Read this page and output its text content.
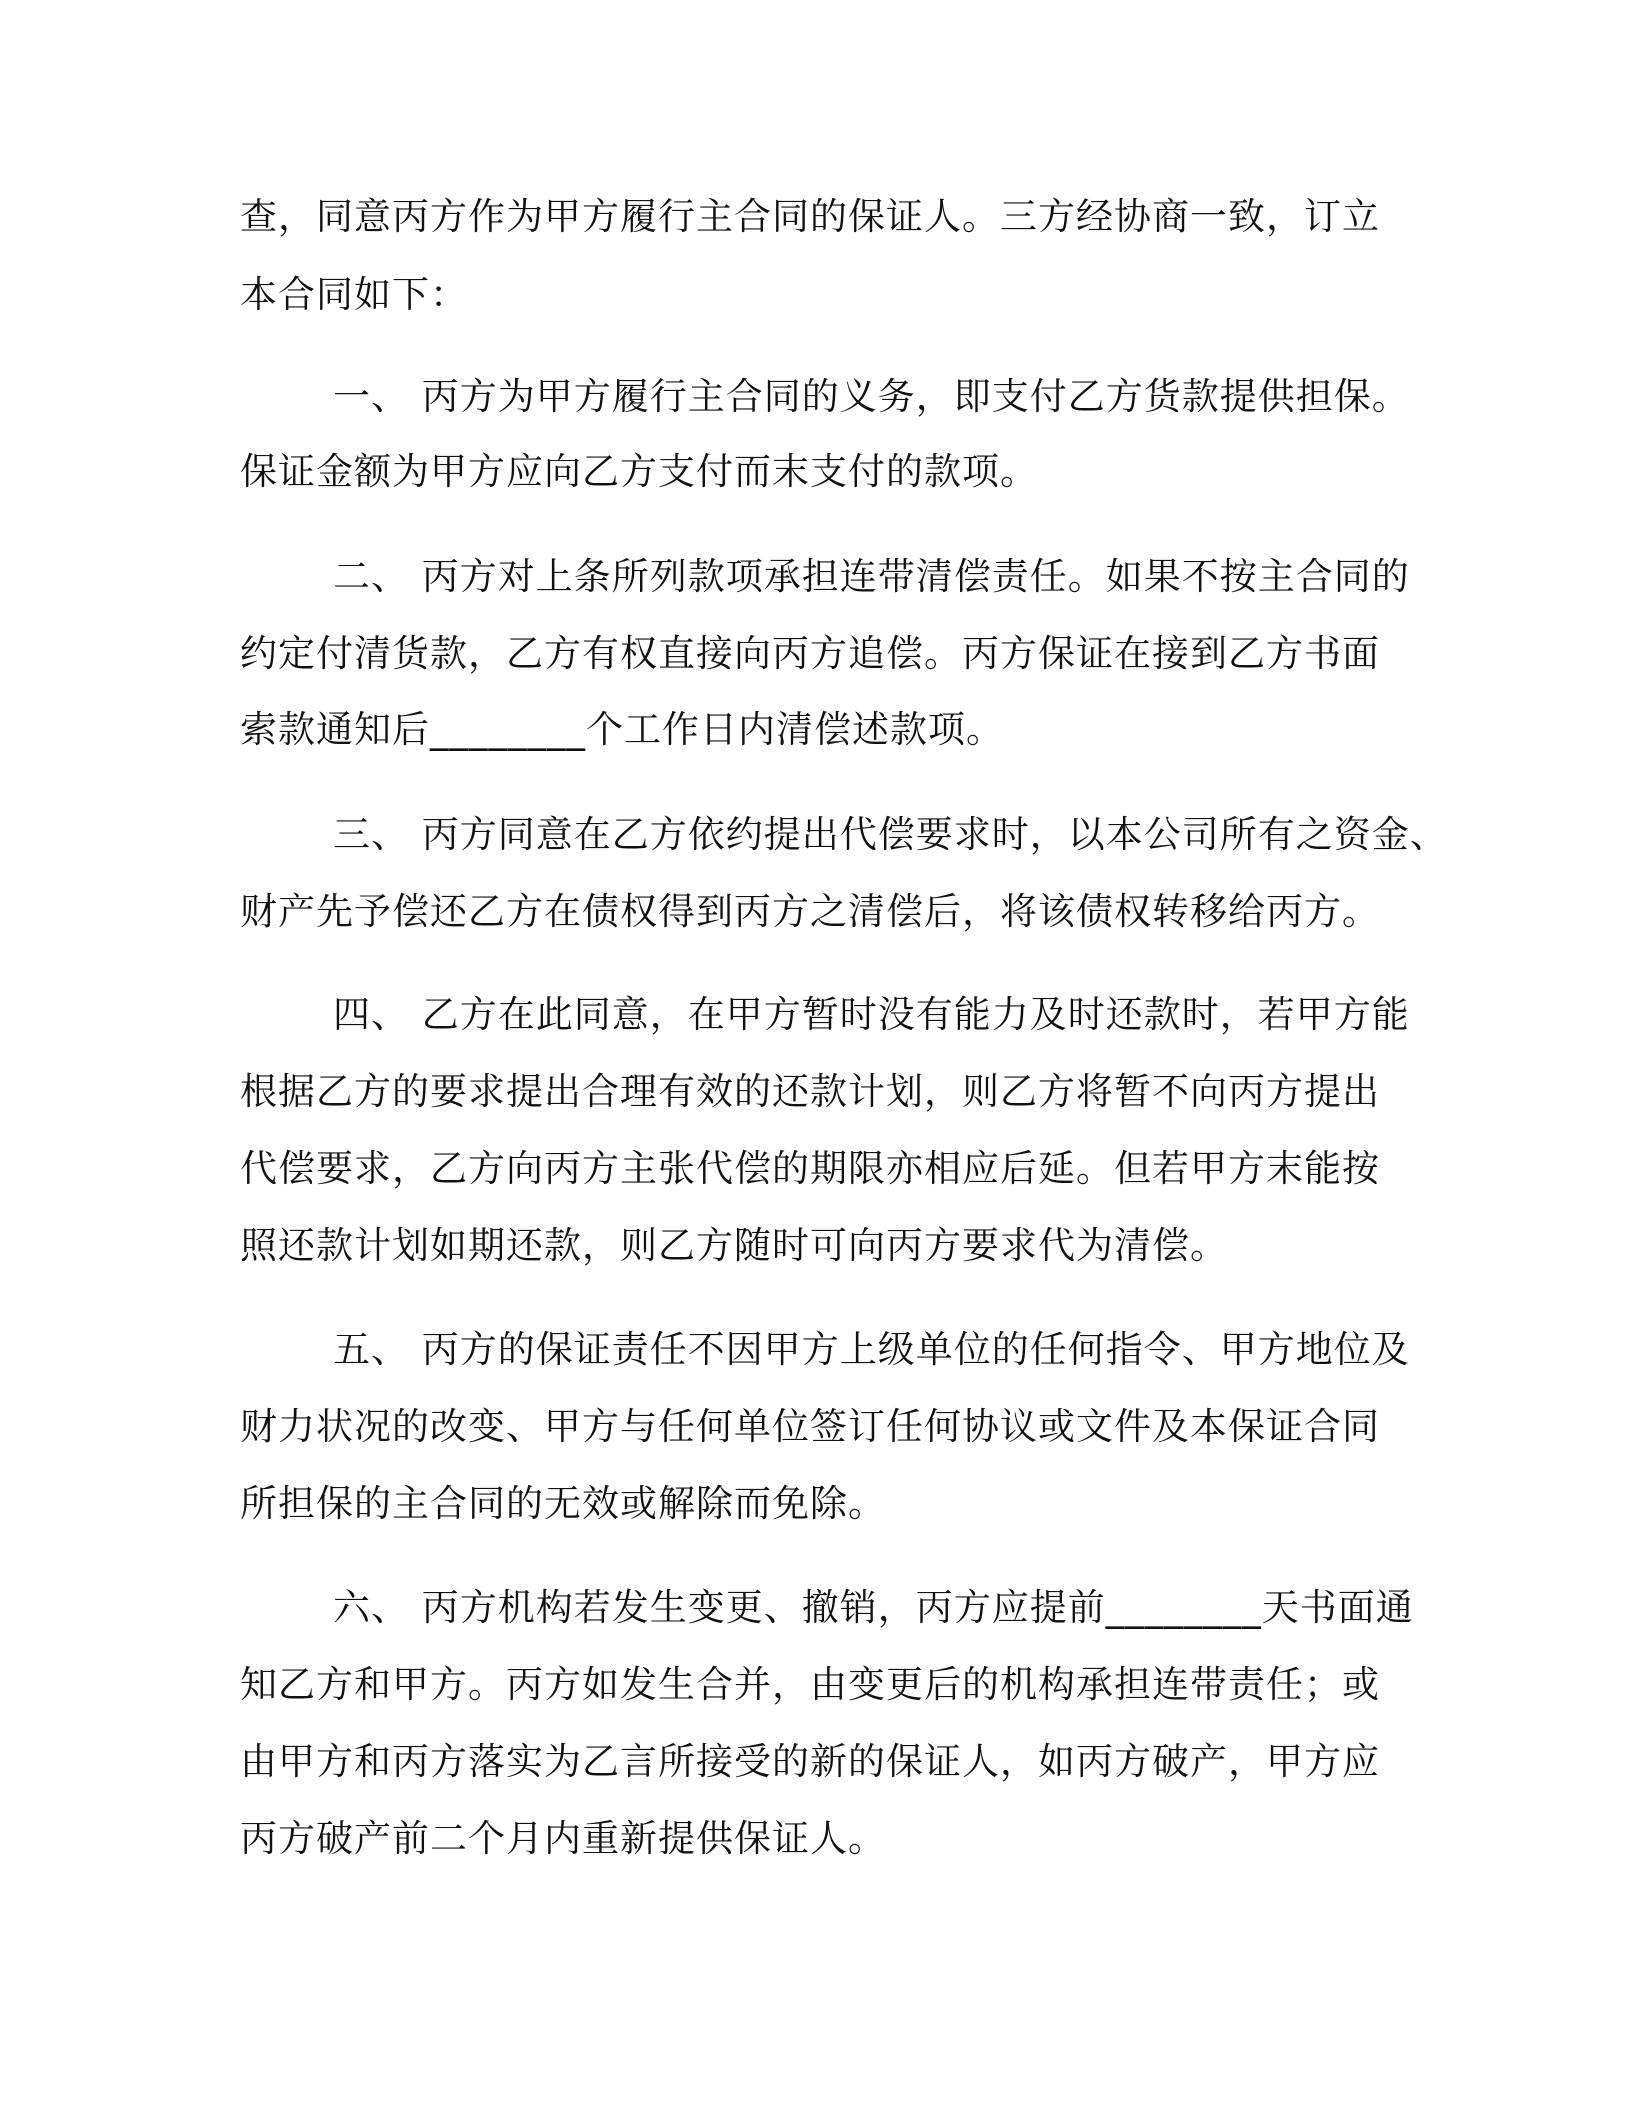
查，同意丙方作为甲方履行主合同的保证人。三方经协商一致，订立
本合同如下：
一、 丙方为甲方履行主合同的义务，即支付乙方货款提供担保。
保证金额为甲方应向乙方支付而末支付的款项。
二、 丙方对上条所列款项承担连带清偿责任。如果不按主合同的
约定付清货款，乙方有权直接向丙方追偿。丙方保证在接到乙方书面
索款通知后________个工作日内清偿述款项。
三、 丙方同意在乙方依约提出代偿要求时，以本公司所有之资金、
财产先予偿还乙方在债权得到丙方之清偿后，将该债权转移给丙方。
四、 乙方在此同意，在甲方暂时没有能力及时还款时，若甲方能
根据乙方的要求提出合理有效的还款计划，则乙方将暂不向丙方提出
代偿要求，乙方向丙方主张代偿的期限亦相应后延。但若甲方末能按
照还款计划如期还款，则乙方随时可向丙方要求代为清偿。
五、 丙方的保证责任不因甲方上级单位的任何指令、甲方地位及
财力状况的改变、甲方与任何单位签订任何协议或文件及本保证合同
所担保的主合同的无效或解除而免除。
六、 丙方机构若发生变更、撤销，丙方应提前________天书面通
知乙方和甲方。丙方如发生合并，由变更后的机构承担连带责任；或
由甲方和丙方落实为乙言所接受的新的保证人，如丙方破产，甲方应
丙方破产前二个月内重新提供保证人。
